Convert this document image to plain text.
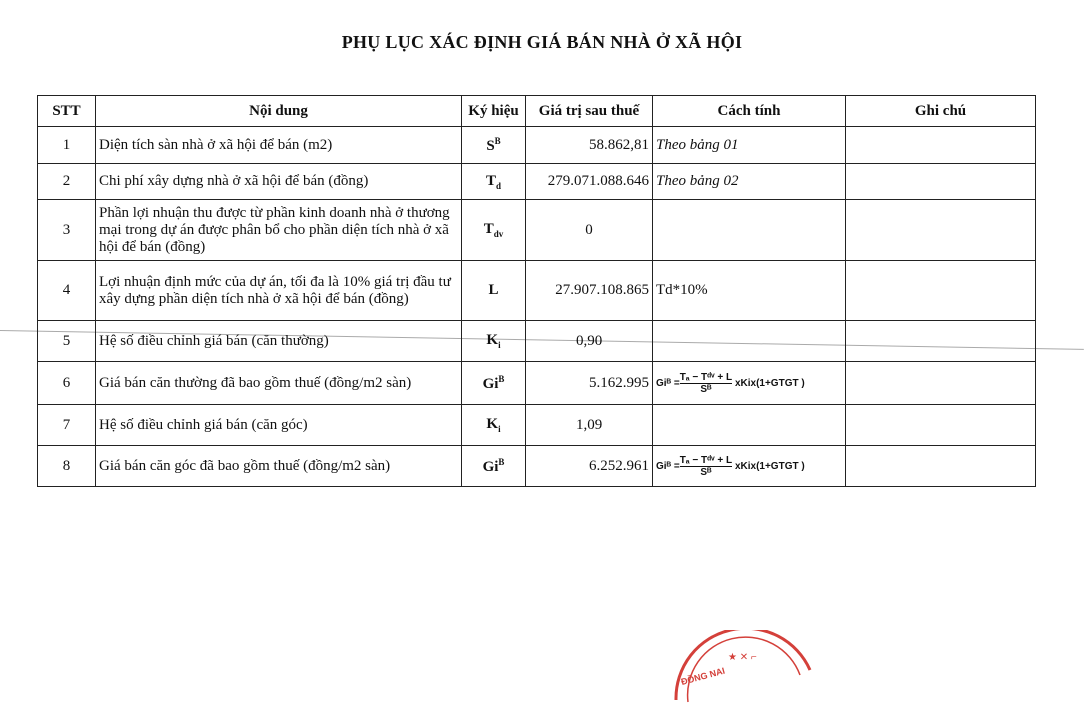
PHỤ LỤC XÁC ĐỊNH GIÁ BÁN NHÀ Ở XÃ HỘI
STT	Nội dung	Ký hiệu	Giá trị sau thuế	Cách tính	Ghi chú
1	Diện tích sàn nhà ở xã hội để bán (m2)	$S^B$	58.862,81	Theo bảng 01	
2	Chi phí xây dựng nhà ở xã hội để bán (đồng)	$T_d$	279.071.088.646	Theo bảng 02	
3	Phần lợi nhuận thu được từ phần kinh doanh nhà ở thương mại trong dự án được phân bổ cho phần diện tích nhà ở xã hội để bán (đồng)	$T_{dv}$	0		
4	Lợi nhuận định mức của dự án, tối đa là 10% giá trị đầu tư xây dựng phần diện tích nhà ở xã hội để bán (đồng)	L	27.907.108.865	Td*10%	
5	Hệ số điều chỉnh giá bán (căn thường)	$K_i$	0,90		
6	Giá bán căn thường đã bao gồm thuế (đồng/m2 sàn)	$Gi^B$	5.162.995	Giᴮ = $\frac{\text{Tₐ − Tᵈᵛ + L}}{\text{Sᴮ}}$ xKix(1+GTGT )	
7	Hệ số điều chỉnh giá bán (căn góc)	$K_i$	1,09		
8	Giá bán căn góc đã bao gồm thuế (đồng/m2 sàn)	$Gi^B$	6.252.961	Giᴮ = $\frac{\text{Tₐ − Tᵈᵛ + L}}{\text{Sᴮ}}$ xKix(1+GTGT )	
ĐỒNG NAI
★ ✕ ⌐
